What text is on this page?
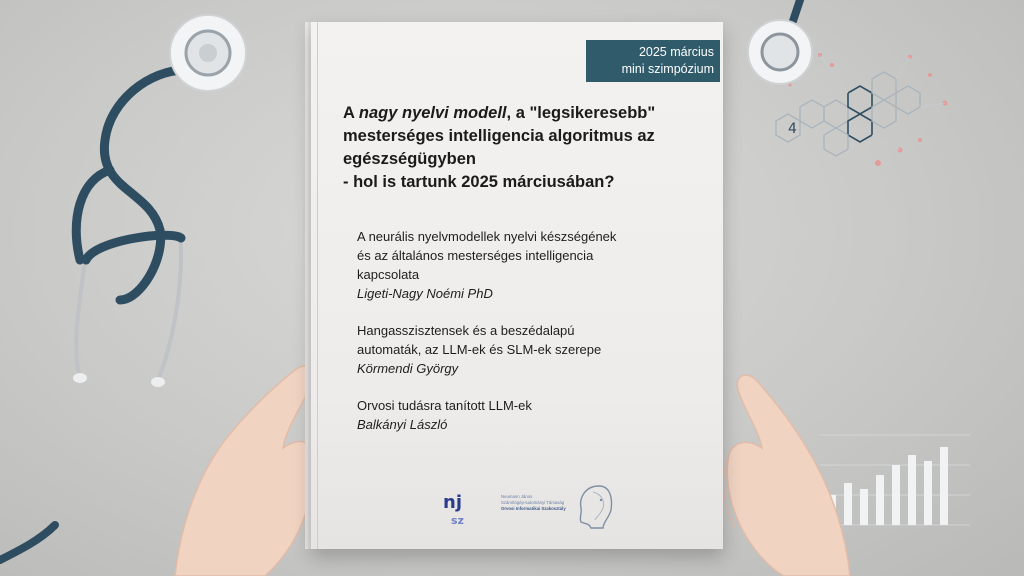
4
2025 március
mini szimpózium
A nagy nyelvi modell, a "legsikeresebb"
mesterséges intelligencia algoritmus az
egészségügyben
- hol is tartunk 2025 márciusában?
A neurális nyelvmodellek nyelvi készségének
és az általános mesterséges intelligencia
kapcsolata
Ligeti-Nagy Noémi PhD
Hangasszisztensek és a beszédalapú
automaták, az LLM-ek és SLM-ek szerepe
Körmendi György
Orvosi tudásra tanított LLM-ek
Balkányi László
nj
sz
Neumann János
Számítógép-tudományi Társaság
Orvosi Informatikai Szakosztály
